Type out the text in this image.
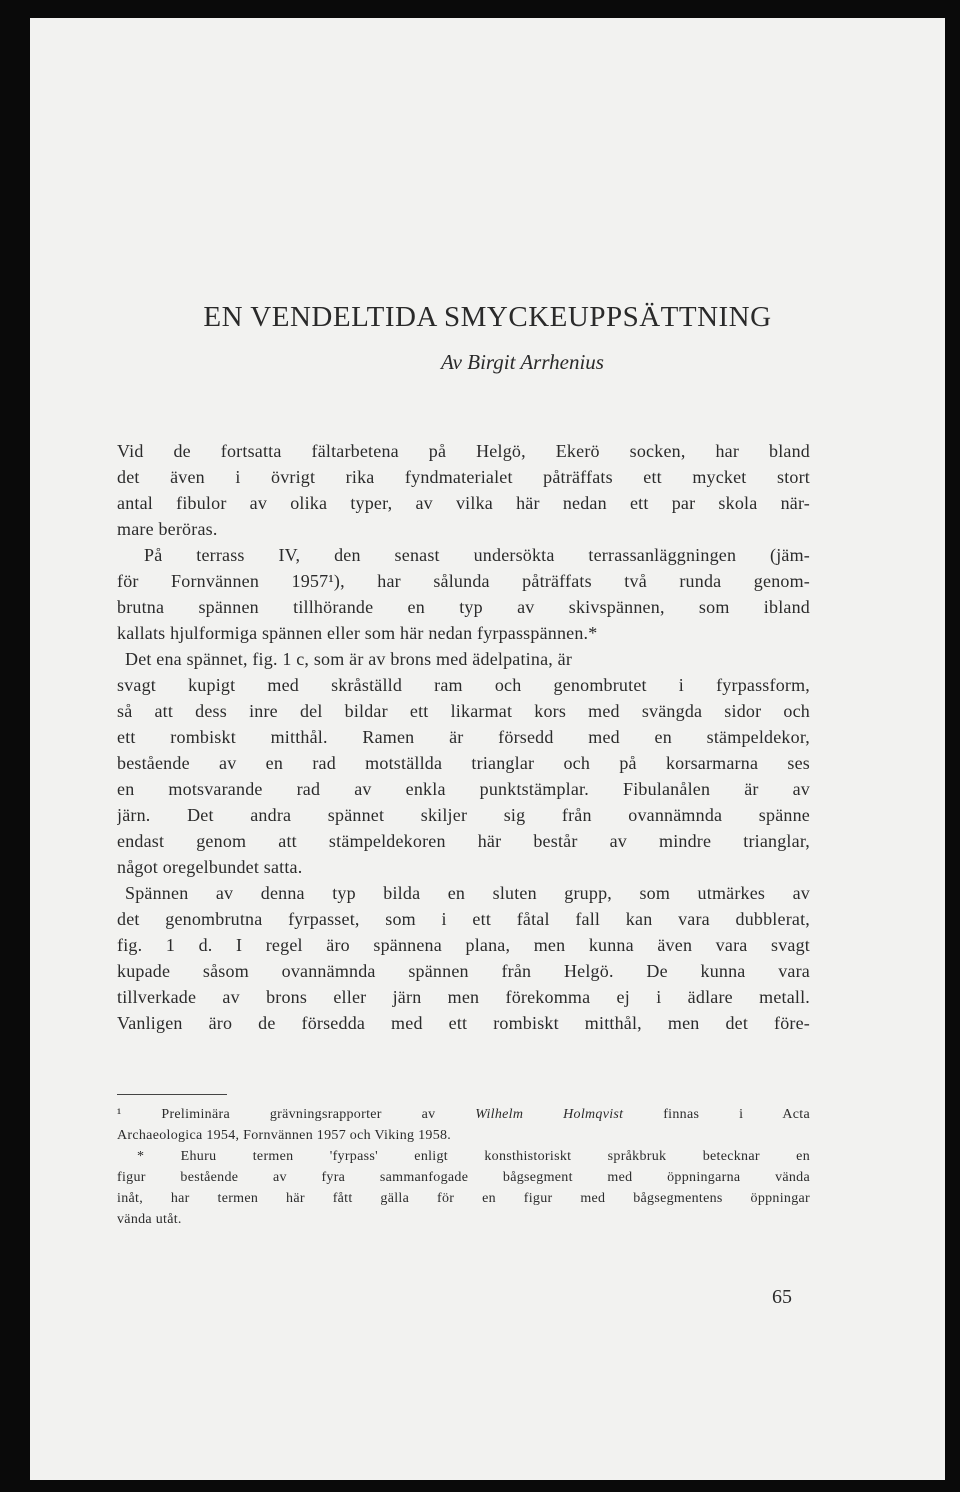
EN VENDELTIDA SMYCKEUPPSÄTTNING
Av Birgit Arrhenius
Vid de fortsatta fältarbetena på Helgö, Ekerö socken, har bland
det även i övrigt rika fyndmaterialet påträffats ett mycket stort
antal fibulor av olika typer, av vilka här nedan ett par skola när-
mare beröras.
På terrass IV, den senast undersökta terrassanläggningen (jäm-
för Fornvännen 1957¹), har sålunda påträffats två runda genom-
brutna spännen tillhörande en typ av skivspännen, som ibland
kallats hjulformiga spännen eller som här nedan fyrpasspännen.*
Det ena spännet, fig. 1 c, som är av brons med ädelpatina, är
svagt kupigt med skråställd ram och genombrutet i fyrpassform,
så att dess inre del bildar ett likarmat kors med svängda sidor och
ett rombiskt mitthål. Ramen är försedd med en stämpeldekor,
bestående av en rad motställda trianglar och på korsarmarna ses
en motsvarande rad av enkla punktstämplar. Fibulanålen är av
järn. Det andra spännet skiljer sig från ovannämnda spänne
endast genom att stämpeldekoren här består av mindre trianglar,
något oregelbundet satta.
Spännen av denna typ bilda en sluten grupp, som utmärkes av
det genombrutna fyrpasset, som i ett fåtal fall kan vara dubblerat,
fig. 1 d. I regel äro spännena plana, men kunna även vara svagt
kupade såsom ovannämnda spännen från Helgö. De kunna vara
tillverkade av brons eller järn men förekomma ej i ädlare metall.
Vanligen äro de försedda med ett rombiskt mitthål, men det före-
¹ Preliminära grävningsrapporter av Wilhelm Holmqvist finnas i Acta
Archaeologica 1954, Fornvännen 1957 och Viking 1958.
* Ehuru termen 'fyrpass' enligt konsthistoriskt språkbruk betecknar en
figur bestående av fyra sammanfogade bågsegment med öppningarna vända
inåt, har termen här fått gälla för en figur med bågsegmentens öppningar
vända utåt.
65
